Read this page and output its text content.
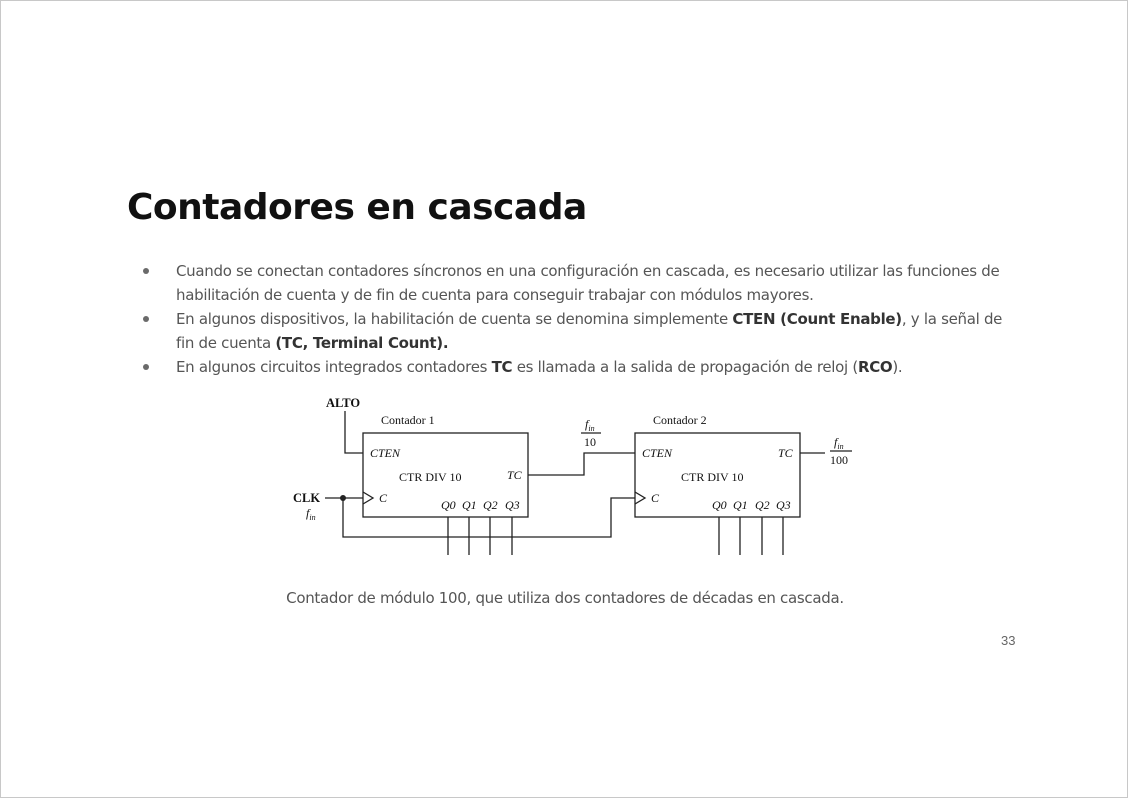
Contadores en cascada
Cuando se conectan contadores síncronos en una configuración en cascada, es necesario utilizar las funciones de habilitación de cuenta y de fin de cuenta para conseguir trabajar con módulos mayores.
En algunos dispositivos, la habilitación de cuenta se denomina simplemente CTEN (Count Enable), y la señal de fin de cuenta (TC, Terminal Count).
En algunos circuitos integrados contadores TC es llamada a la salida de propagación de reloj (RCO).
ALTO
CLK
$f_{in}$
Contador 1	Contador 2
CTEN	CTEN
CTR DIV 10	CTR DIV 10
TC
TC
C	C
Q0 Q1 Q2 Q3	Q0 Q1 Q2 Q3
$f_{in}$
10	$f_{in}$
100
Contador de módulo 100, que utiliza dos contadores de décadas en cascada.
33
